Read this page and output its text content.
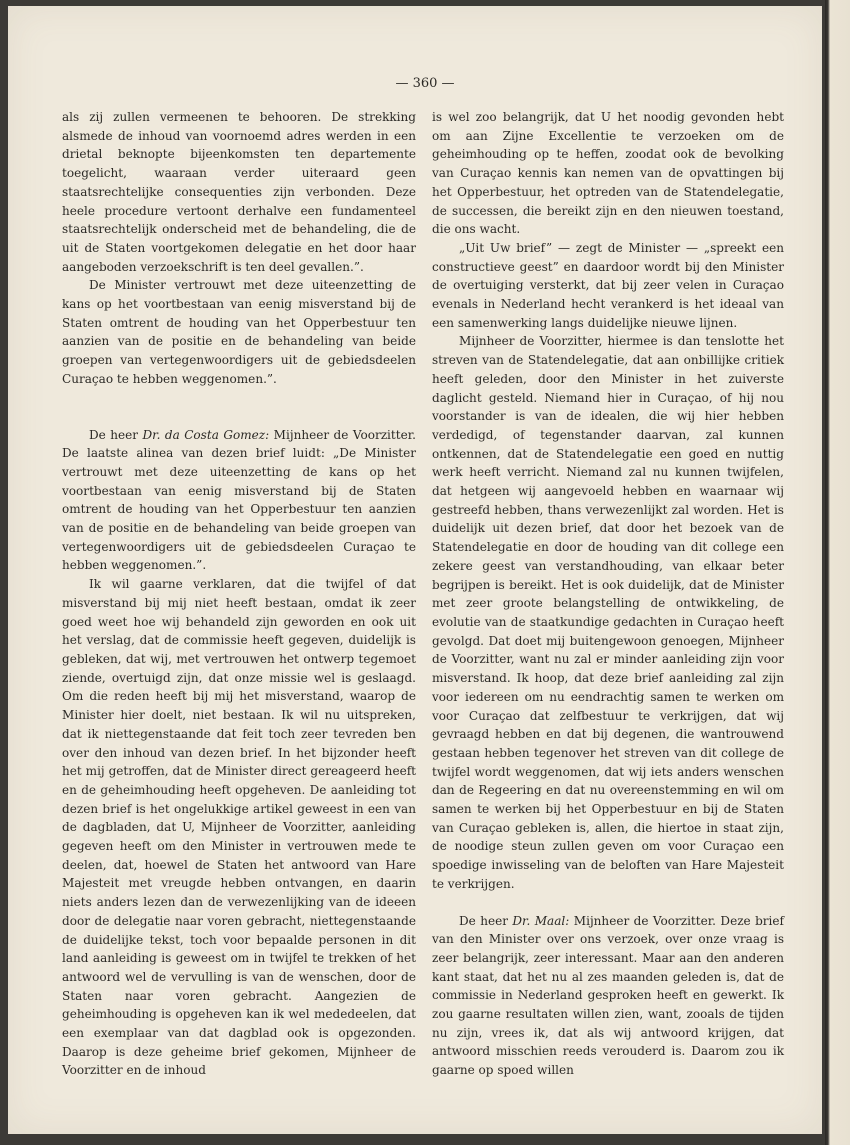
— 360 —

als zij zullen vermeenen te behooren. De strekking alsmede de inhoud van voornoemd adres werden in een drietal beknopte bijeenkomsten ten departemente toegelicht, waaraan verder uiteraard geen staatsrechtelijke consequenties zijn verbonden. Deze heele procedure vertoont derhalve een fundamenteel staatsrechtelijk onderscheid met de behandeling, die de uit de Staten voortgekomen delegatie en het door haar aangeboden verzoekschrift is ten deel gevallen.”.

De Minister vertrouwt met deze uiteenzetting de kans op het voortbestaan van eenig misverstand bij de Staten omtrent de houding van het Opperbestuur ten aanzien van de positie en de behandeling van beide groepen van vertegenwoordigers uit de gebiedsdeelen Curaçao te hebben weggenomen.”.

De heer Dr. da Costa Gomez: Mijnheer de Voorzitter. De laatste alinea van dezen brief luidt: „De Minister vertrouwt met deze uiteenzetting de kans op het voortbestaan van eenig misverstand bij de Staten omtrent de houding van het Opperbestuur ten aanzien van de positie en de behandeling van beide groepen van vertegenwoordigers uit de gebiedsdeelen Curaçao te hebben weggenomen.”.

Ik wil gaarne verklaren, dat die twijfel of dat misverstand bij mij niet heeft bestaan, omdat ik zeer goed weet hoe wij behandeld zijn geworden en ook uit het verslag, dat de commissie heeft gegeven, duidelijk is gebleken, dat wij, met vertrouwen het ontwerp tegemoet ziende, overtuigd zijn, dat onze missie wel is geslaagd. Om die reden heeft bij mij het misverstand, waarop de Minister hier doelt, niet bestaan. Ik wil nu uitspreken, dat ik niettegenstaande dat feit toch zeer tevreden ben over den inhoud van dezen brief. In het bijzonder heeft het mij getroffen, dat de Minister direct gereageerd heeft en de geheimhouding heeft opgeheven. De aanleiding tot dezen brief is het ongelukkige artikel geweest in een van de dagbladen, dat U, Mijnheer de Voorzitter, aanleiding gegeven heeft om den Minister in vertrouwen mede te deelen, dat, hoewel de Staten het antwoord van Hare Majesteit met vreugde hebben ontvangen, en daarin niets anders lezen dan de verwezenlijking van de ideeen door de delegatie naar voren gebracht, niettegenstaande de duidelijke tekst, toch voor bepaalde personen in dit land aanleiding is geweest om in twijfel te trekken of het antwoord wel de vervulling is van de wenschen, door de Staten naar voren gebracht. Aangezien de geheimhouding is opgeheven kan ik wel mededeelen, dat een exemplaar van dat dagblad ook is opgezonden. Daarop is deze geheime brief gekomen, Mijnheer de Voorzitter en de inhoud

is wel zoo belangrijk, dat U het noodig gevonden hebt om aan Zijne Excellentie te verzoeken om de geheimhouding op te heffen, zoodat ook de bevolking van Curaçao kennis kan nemen van de opvattingen bij het Opperbestuur, het optreden van de Statendelegatie, de successen, die bereikt zijn en den nieuwen toestand, die ons wacht.

„Uit Uw brief” — zegt de Minister — „spreekt een constructieve geest” en daardoor wordt bij den Minister de overtuiging versterkt, dat bij zeer velen in Curaçao evenals in Nederland hecht verankerd is het ideaal van een samenwerking langs duidelijke nieuwe lijnen.

Mijnheer de Voorzitter, hiermee is dan tenslotte het streven van de Statendelegatie, dat aan onbillijke critiek heeft geleden, door den Minister in het zuiverste daglicht gesteld. Niemand hier in Curaçao, of hij nou voorstander is van de idealen, die wij hier hebben verdedigd, of tegenstander daarvan, zal kunnen ontkennen, dat de Statendelegatie een goed en nuttig werk heeft verricht. Niemand zal nu kunnen twijfelen, dat hetgeen wij aangevoeld hebben en waarnaar wij gestreefd hebben, thans verwezenlijkt zal worden. Het is duidelijk uit dezen brief, dat door het bezoek van de Statendelegatie en door de houding van dit college een zekere geest van verstandhouding, van elkaar beter begrijpen is bereikt. Het is ook duidelijk, dat de Minister met zeer groote belangstelling de ontwikkeling, de evolutie van de staatkundige gedachten in Curaçao heeft gevolgd. Dat doet mij buitengewoon genoegen, Mijnheer de Voorzitter, want nu zal er minder aanleiding zijn voor misverstand. Ik hoop, dat deze brief aanleiding zal zijn voor iedereen om nu eendrachtig samen te werken om voor Curaçao dat zelfbestuur te verkrijgen, dat wij gevraagd hebben en dat bij degenen, die wantrouwend gestaan hebben tegenover het streven van dit college de twijfel wordt weggenomen, dat wij iets anders wenschen dan de Regeering en dat nu overeenstemming en wil om samen te werken bij het Opperbestuur en bij de Staten van Curaçao gebleken is, allen, die hiertoe in staat zijn, de noodige steun zullen geven om voor Curaçao een spoedige inwisseling van de beloften van Hare Majesteit te verkrijgen.

De heer Dr. Maal: Mijnheer de Voorzitter. Deze brief van den Minister over ons verzoek, over onze vraag is zeer belangrijk, zeer interessant. Maar aan den anderen kant staat, dat het nu al zes maanden geleden is, dat de commissie in Nederland gesproken heeft en gewerkt. Ik zou gaarne resultaten willen zien, want, zooals de tijden nu zijn, vrees ik, dat als wij antwoord krijgen, dat antwoord misschien reeds verouderd is. Daarom zou ik gaarne op spoed willen
